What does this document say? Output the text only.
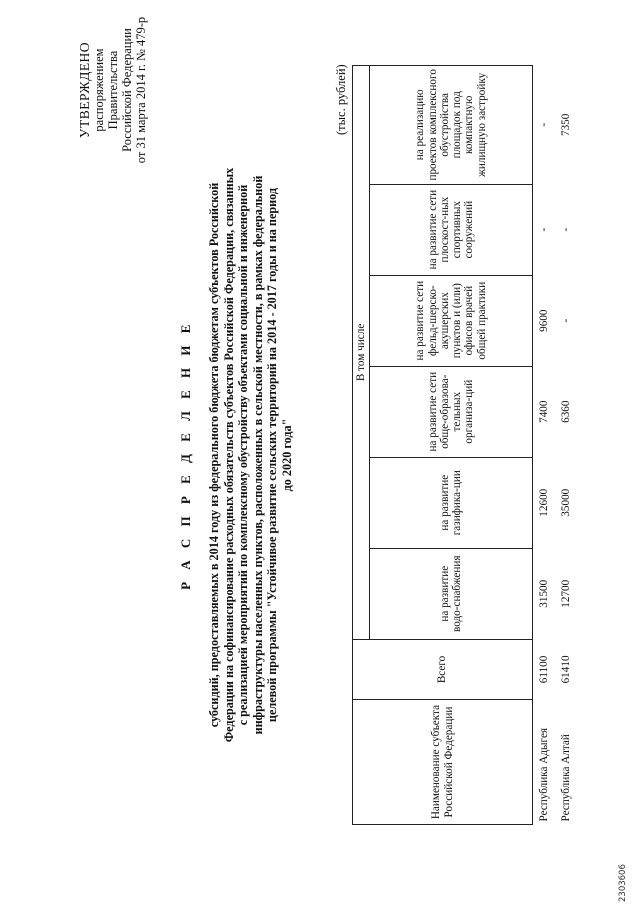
УТВЕРЖДЕНО распоряжением Правительства Российской Федерации от 31 марта 2014 г. № 479-р
Р А С П Р Е Д Е Л Е Н И Е субсидий, предоставляемых в 2014 году из федерального бюджета бюджетам субъектов Российской Федерации на софинансирование расходных обязательств субъектов Российской Федерации, связанных с реализацией мероприятий по комплексному обустройству объектами социальной и инженерной инфраструктуры населенных пунктов, расположенных в сельской местности, в рамках федеральной целевой программы "Устойчивое развитие сельских территорий на 2014 - 2017 годы и на период до 2020 года"
(тыс. рублей)
Наименование субъекта Российской Федерации	Всего	В том числе					
		на развитие водо-снабжения	на развитие газифика-ции	на развитие сети обще-образова-тельных организа-ций	на развитие сети фельд-шерско-акушерских пунктов и (или) офисов врачей общей практики	на развитие сети плоскост-ных спортивных сооружений	на реализацию проектов комплексного обустройства площадок под компактную жилищную застройку
Республика Адыгея	61100	31500	12600	7400	9600	-	-
Республика Алтай	61410	12700	35000	6360	-	-	7350
2303606
